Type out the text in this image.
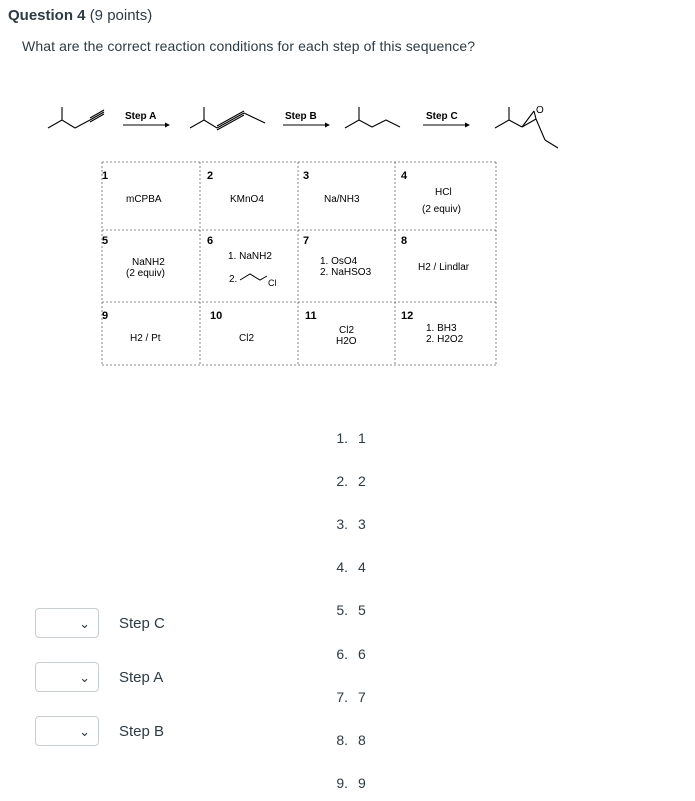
Question 4 (9 points)
What are the correct reaction conditions for each step of this sequence?
Step A	Step B	Step C
O
1
mCPBA
2
KMnO4
3
Na/NH3
4
HCl
(2 equiv)
5
NaNH2
(2 equiv)
6
1. NaNH2
2.	Cl
7
1. OsO4
2. NaHSO3
8
H2 / Lindlar
9
H2 / Pt
10
Cl2
11
Cl2
H2O
12
1. BH3
2. H2O2
1. 1
2. 2
3. 3
4. 4
5. 5
6. 6
7. 7
8. 8
9. 9
⌄ Step C
⌄ Step A
⌄ Step B
